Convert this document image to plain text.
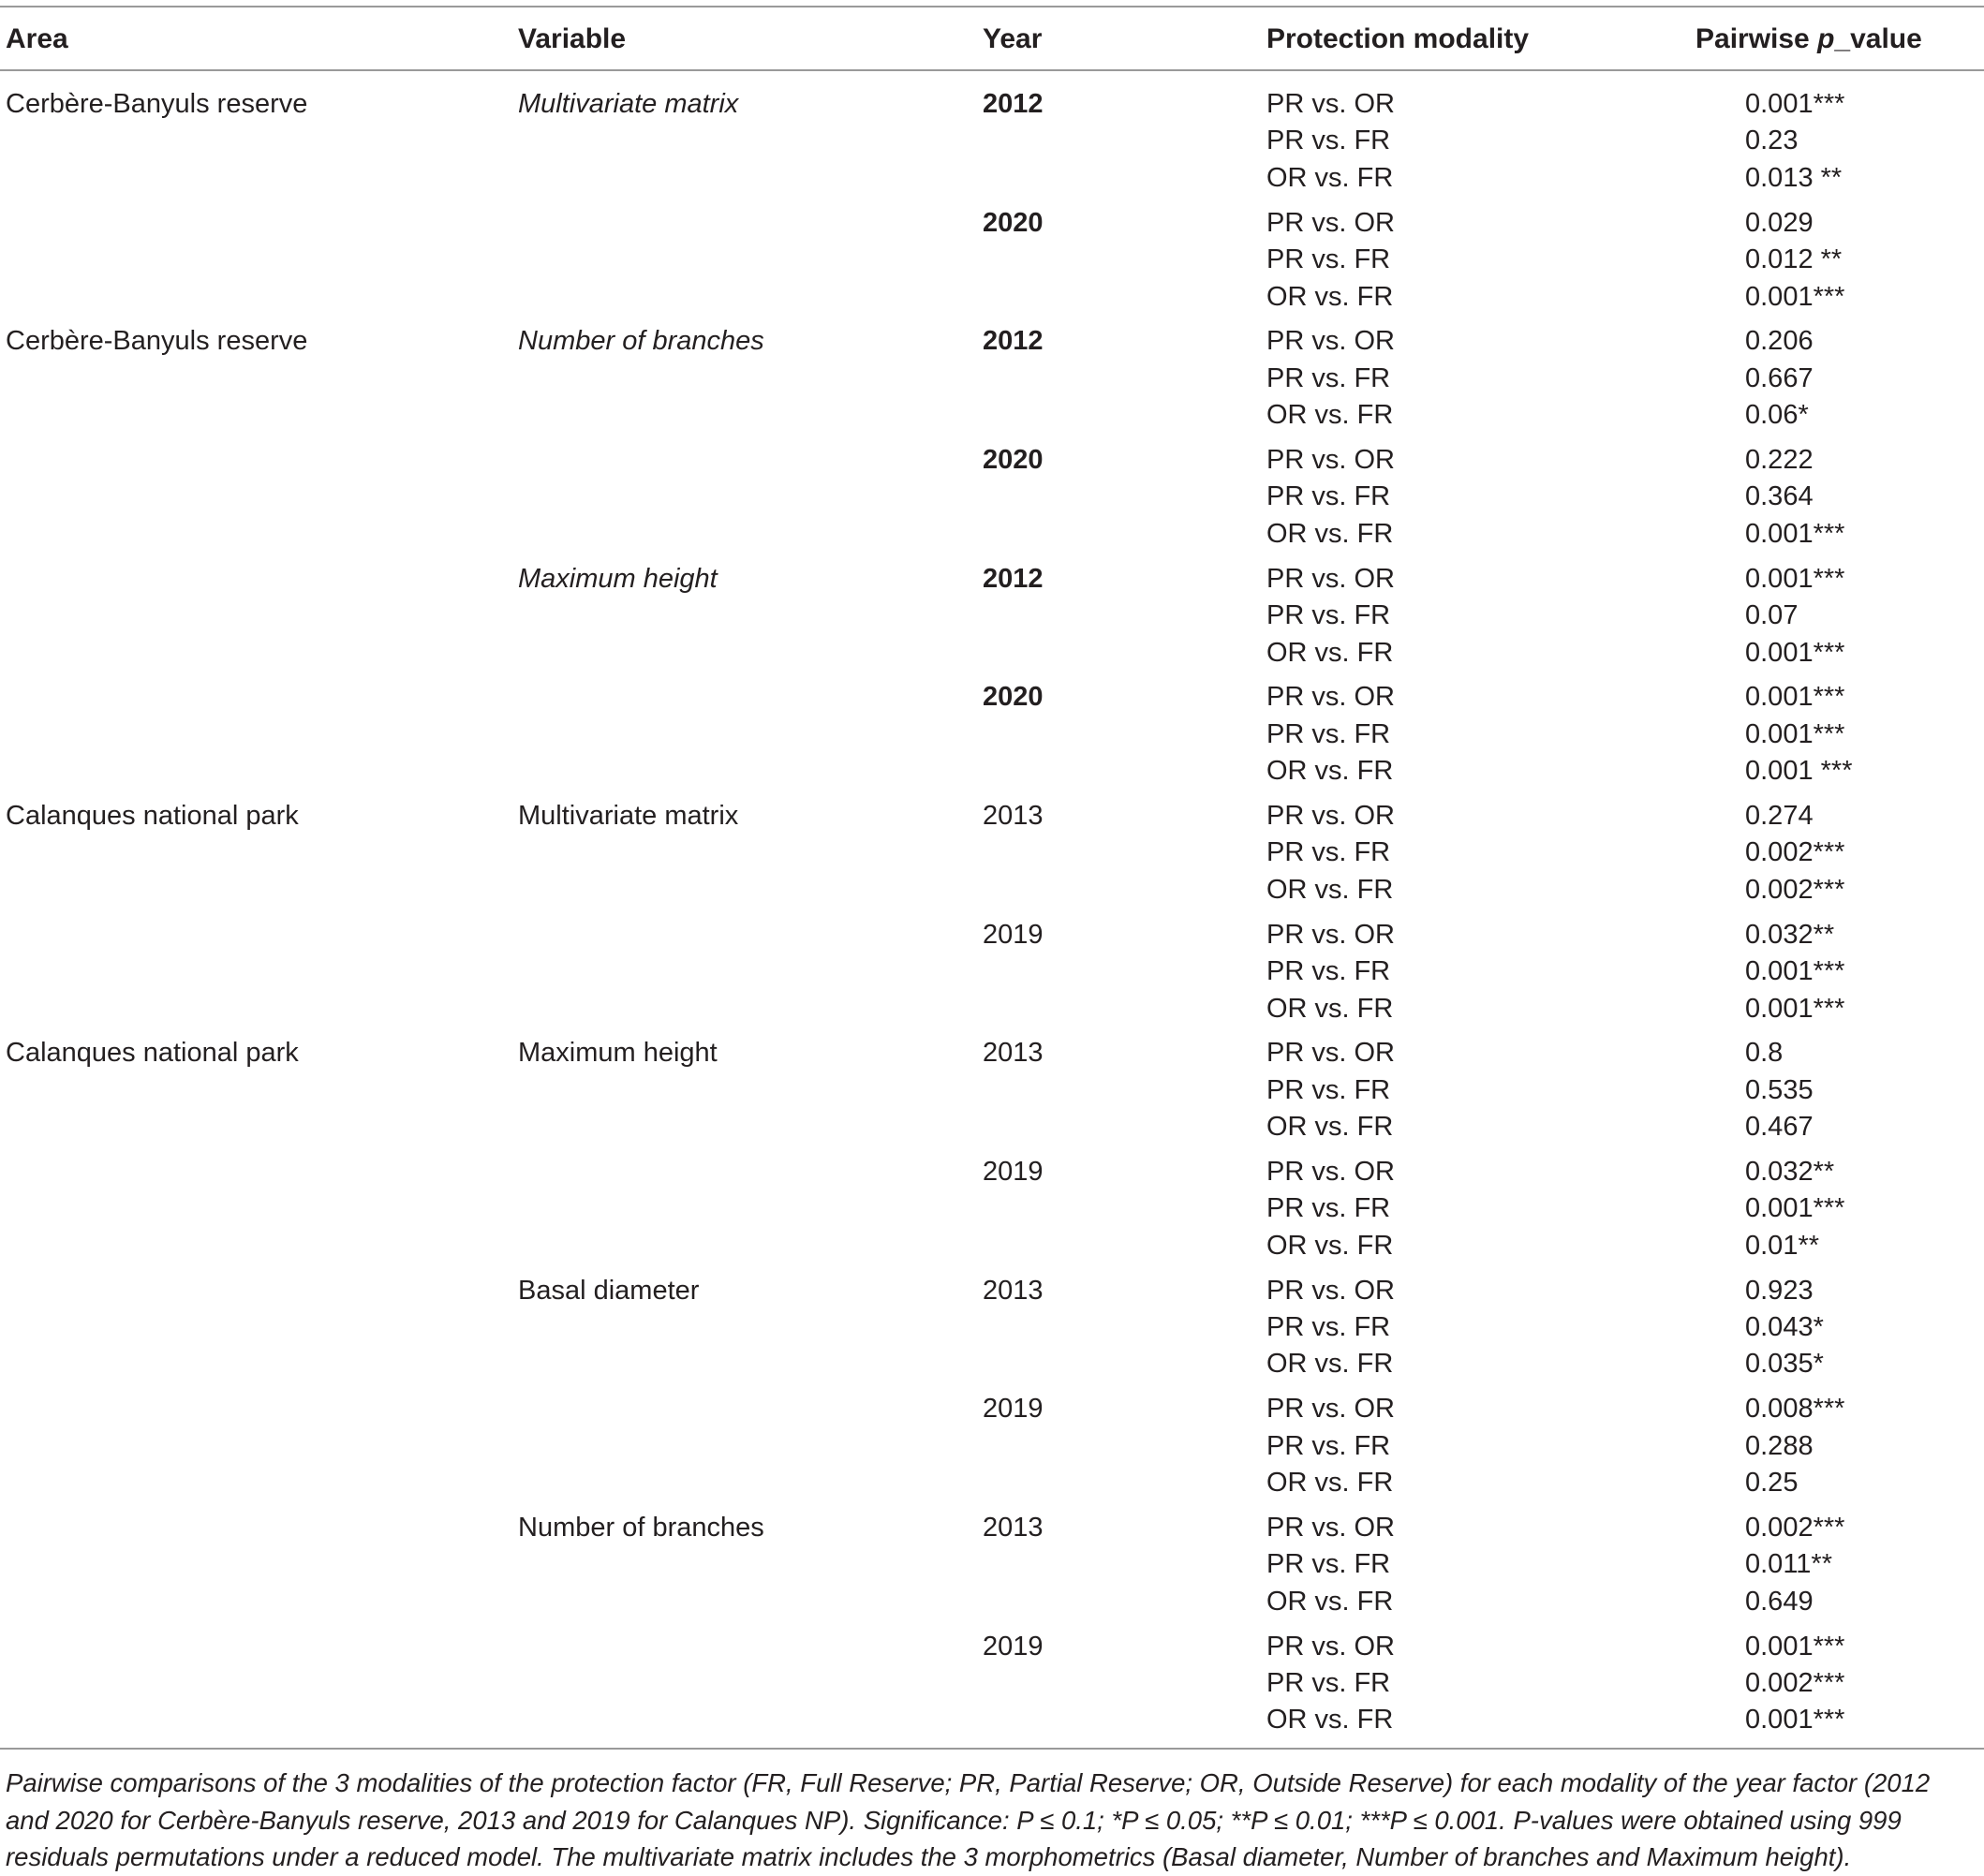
Area	Variable	Year	Protection modality	Pairwise p_value
Cerbère-Banyuls reserve	Multivariate matrix	2012	PR vs. OR	0.001***
PR vs. FR	0.23
OR vs. FR	0.013 **
2020	PR vs. OR	0.029
PR vs. FR	0.012 **
OR vs. FR	0.001***
Cerbère-Banyuls reserve	Number of branches	2012	PR vs. OR	0.206
PR vs. FR	0.667
OR vs. FR	0.06*
2020	PR vs. OR	0.222
PR vs. FR	0.364
OR vs. FR	0.001***
Maximum height	2012	PR vs. OR	0.001***
PR vs. FR	0.07
OR vs. FR	0.001***
2020	PR vs. OR	0.001***
PR vs. FR	0.001***
OR vs. FR	0.001 ***
Calanques national park	Multivariate matrix	2013	PR vs. OR	0.274
PR vs. FR	0.002***
OR vs. FR	0.002***
2019	PR vs. OR	0.032**
PR vs. FR	0.001***
OR vs. FR	0.001***
Calanques national park	Maximum height	2013	PR vs. OR	0.8
PR vs. FR	0.535
OR vs. FR	0.467
2019	PR vs. OR	0.032**
PR vs. FR	0.001***
OR vs. FR	0.01**
Basal diameter	2013	PR vs. OR	0.923
PR vs. FR	0.043*
OR vs. FR	0.035*
2019	PR vs. OR	0.008***
PR vs. FR	0.288
OR vs. FR	0.25
Number of branches	2013	PR vs. OR	0.002***
PR vs. FR	0.011**
OR vs. FR	0.649
2019	PR vs. OR	0.001***
PR vs. FR	0.002***
OR vs. FR	0.001***
Pairwise comparisons of the 3 modalities of the protection factor (FR, Full Reserve; PR, Partial Reserve; OR, Outside Reserve) for each modality of the year factor (2012 and 2020 for Cerbère-Banyuls reserve, 2013 and 2019 for Calanques NP). Significance: P ≤ 0.1; *P ≤ 0.05; **P ≤ 0.01; ***P ≤ 0.001. P-values were obtained using 999 residuals permutations under a reduced model. The multivariate matrix includes the 3 morphometrics (Basal diameter, Number of branches and Maximum height).
